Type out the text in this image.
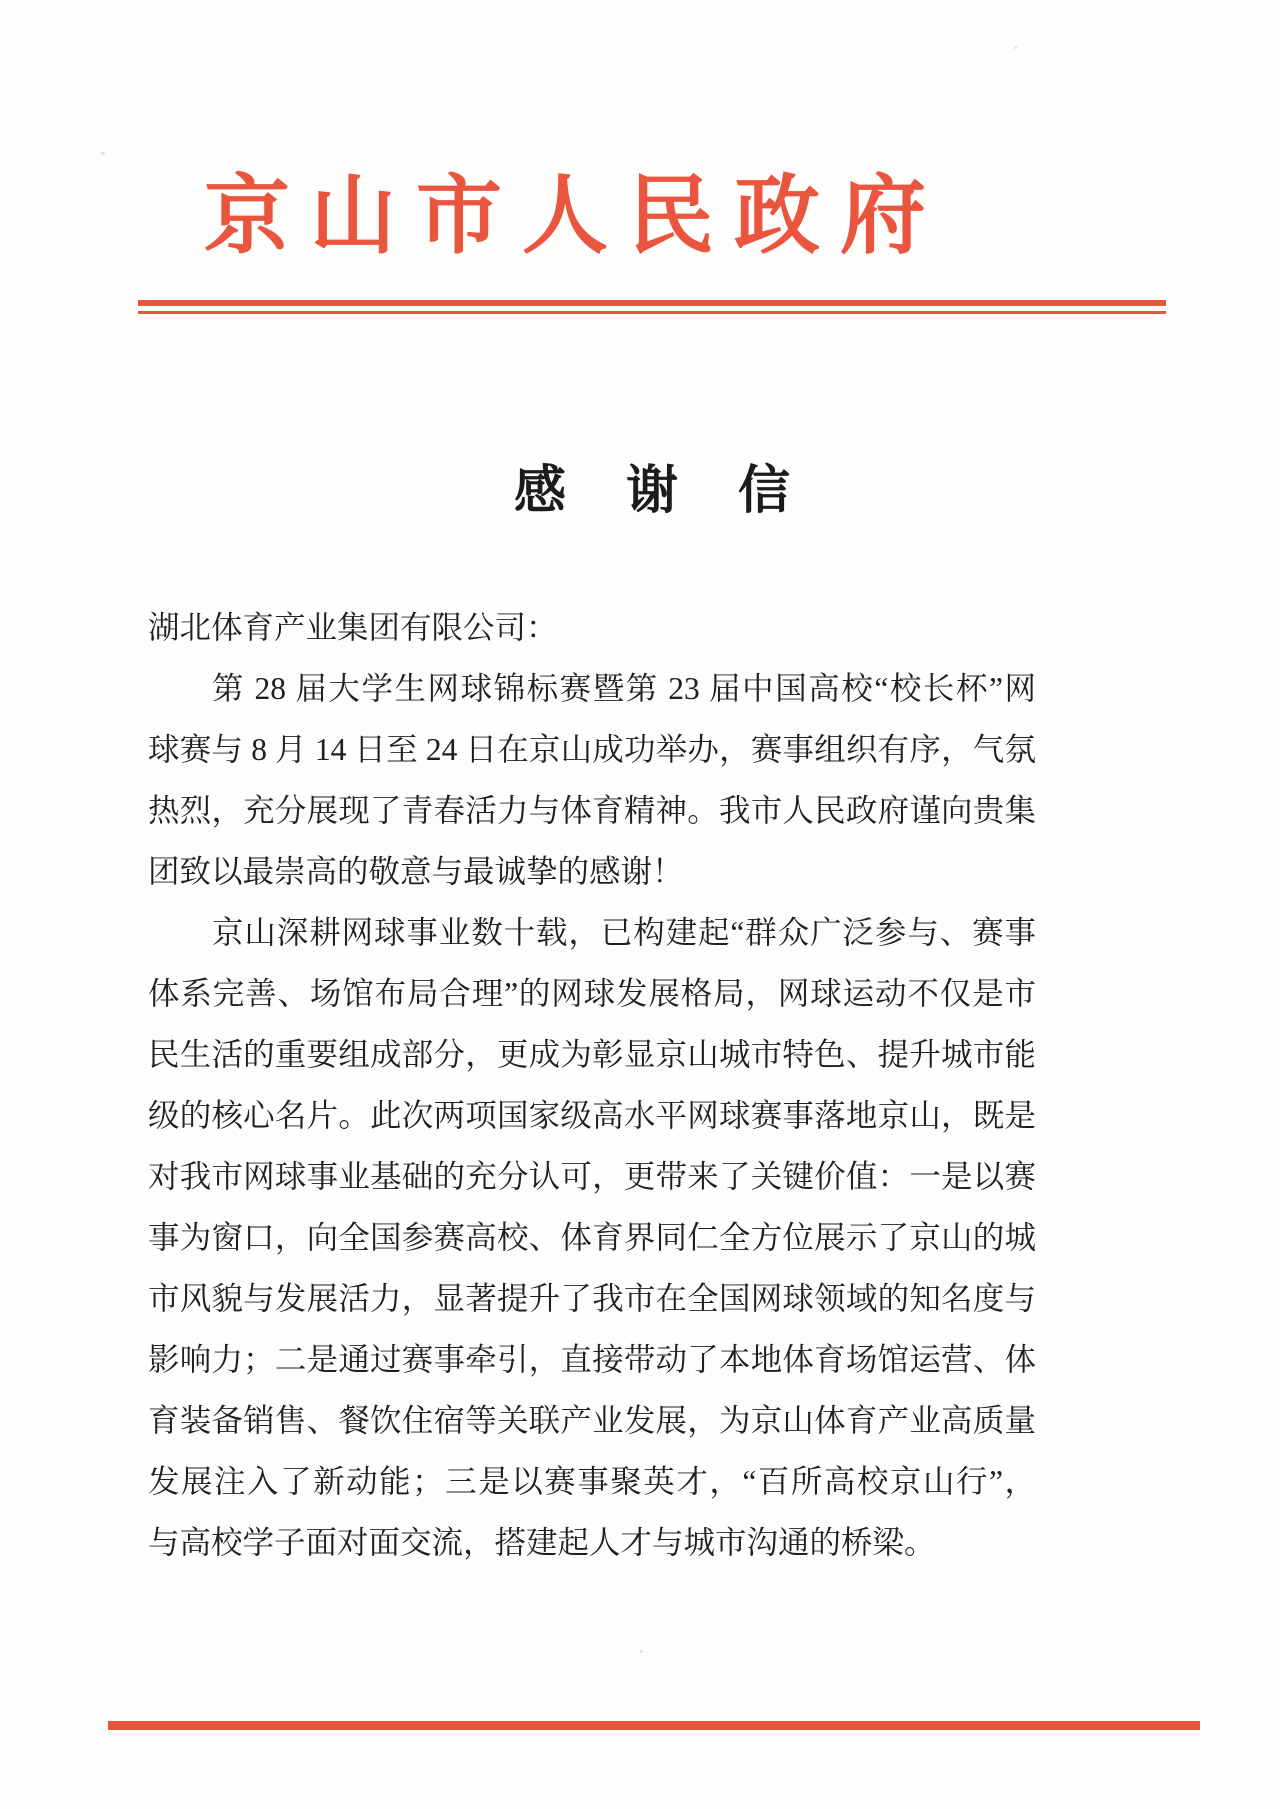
京山市人民政府
感谢信
湖北体育产业集团有限公司：
第 28 届大学生网球锦标赛暨第 23 届中国高校“校长杯”网
球赛与 8 月 14 日至 24 日在京山成功举办，赛事组织有序，气氛
热烈，充分展现了青春活力与体育精神。我市人民政府谨向贵集
团致以最崇高的敬意与最诚挚的感谢！
京山深耕网球事业数十载，已构建起“群众广泛参与、赛事
体系完善、场馆布局合理”的网球发展格局，网球运动不仅是市
民生活的重要组成部分，更成为彰显京山城市特色、提升城市能
级的核心名片。此次两项国家级高水平网球赛事落地京山，既是
对我市网球事业基础的充分认可，更带来了关键价值：一是以赛
事为窗口，向全国参赛高校、体育界同仁全方位展示了京山的城
市风貌与发展活力，显著提升了我市在全国网球领域的知名度与
影响力；二是通过赛事牵引，直接带动了本地体育场馆运营、体
育装备销售、餐饮住宿等关联产业发展，为京山体育产业高质量
发展注入了新动能；三是以赛事聚英才，“百所高校京山行”，
与高校学子面对面交流，搭建起人才与城市沟通的桥梁。
